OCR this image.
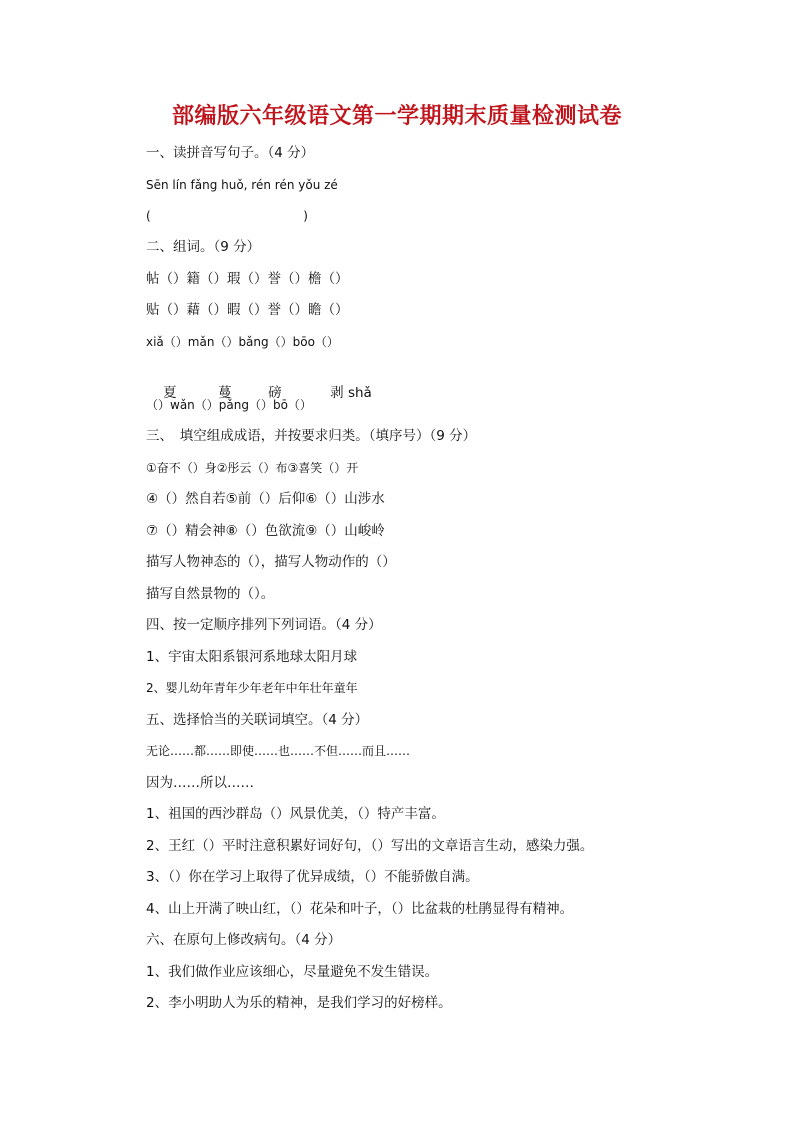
部编版六年级语文第一学期期末质量检测试卷
一、读拼音写句子。（4 分）
Sēn lín fǎng huǒ, rén rén yǒu zé
(                                        )
二、组词。（9 分）
帖（）籍（）瑕（）誉（）檐（）
贴（）藉（）暇（）誉（）瞻（）
xiǎ（）mǎn（）bǎng（）bōo（）

夏	蔓	磅	剥 shǎ

（）wǎn（）pǎng（）bō（）
三、　填空组成成语，并按要求归类。（填序号）（9 分）
①奋不（）身②彤云（）布③喜笑（）开
④（）然自若⑤前（）后仰⑥（）山涉水
⑦（）精会神⑧（）色欲流⑨（）山峻岭
描写人物神态的（），描写人物动作的（）
描写自然景物的（）。
四、按一定顺序排列下列词语。（4 分）
1、宇宙太阳系银河系地球太阳月球
2、婴儿幼年青年少年老年中年壮年童年
五、选择恰当的关联词填空。（4 分）
无论……都……即使……也……不但……而且……
因为……所以……
1、祖国的西沙群岛（）风景优美，（）特产丰富。
2、王红（）平时注意积累好词好句，（）写出的文章语言生动，感染力强。
3、（）你在学习上取得了优异成绩，（）不能骄傲自满。
4、山上开满了映山红，（）花朵和叶子，（）比盆栽的杜鹃显得有精神。
六、在原句上修改病句。（4 分）
1、我们做作业应该细心，尽量避免不发生错误。
2、李小明助人为乐的精神，是我们学习的好榜样。
